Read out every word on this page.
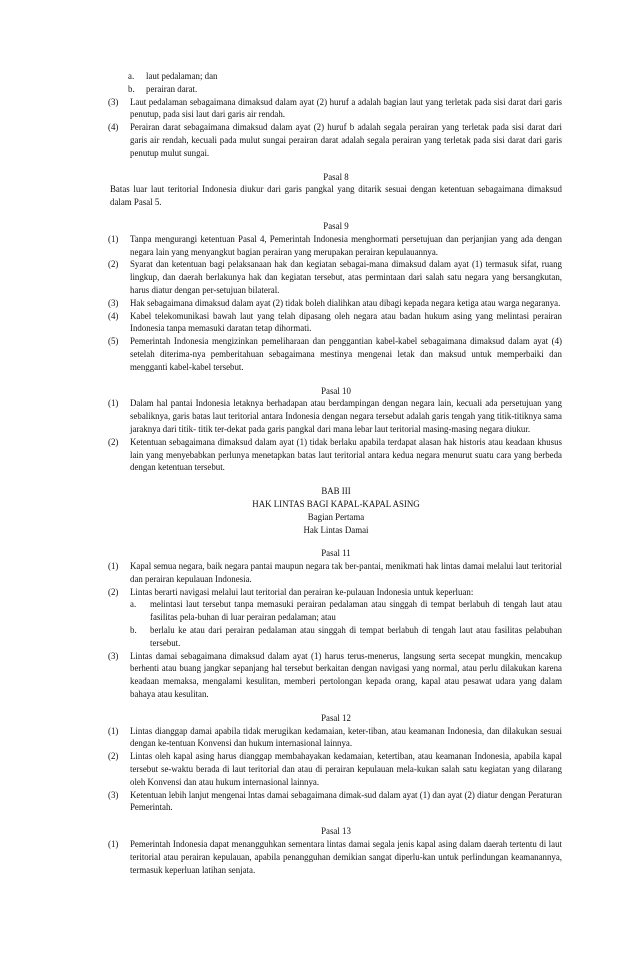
a. laut pedalaman; dan
b. perairan darat.
(3) Laut pedalaman sebagaimana dimaksud dalam ayat (2) huruf a adalah bagian laut yang terletak pada sisi darat dari garis penutup, pada sisi laut dari garis air rendah.
(4) Perairan darat sebagaimana dimaksud dalam ayat (2) huruf b adalah segala perairan yang terletak pada sisi darat dari garis air rendah, kecuali pada mulut sungai perairan darat adalah segala perairan yang terletak pada sisi darat dari garis penutup mulut sungai.
Pasal 8
Batas luar laut teritorial Indonesia diukur dari garis pangkal yang ditarik sesuai dengan ketentuan sebagaimana dimaksud dalam Pasal 5.
Pasal 9
(1) Tanpa mengurangi ketentuan Pasal 4, Pemerintah Indonesia menghormati persetujuan dan perjanjian yang ada dengan negara lain yang menyangkut bagian perairan yang merupakan perairan kepulauannya.
(2) Syarat dan ketentuan bagi pelaksanaan hak dan kegiatan sebagai-mana dimaksud dalam ayat (1) termasuk sifat, ruang lingkup, dan daerah berlakunya hak dan kegiatan tersebut, atas permintaan dari salah satu negara yang bersangkutan, harus diatur dengan per-setujuan bilateral.
(3) Hak sebagaimana dimaksud dalam ayat (2) tidak boleh dialihkan atau dibagi kepada negara ketiga atau warga negaranya.
(4) Kabel telekomunikasi bawah laut yang telah dipasang oleh negara atau badan hukum asing yang melintasi perairan Indonesia tanpa memasuki daratan tetap dihormati.
(5) Pemerintah Indonesia mengizinkan pemeliharaan dan penggantian kabel-kabel sebagaimana dimaksud dalam ayat (4) setelah diterima-nya pemberitahuan sebagaimana mestinya mengenai letak dan maksud untuk memperbaiki dan mengganti kabel-kabel tersebut.
Pasal 10
(1) Dalam hal pantai Indonesia letaknya berhadapan atau berdampingan dengan negara lain, kecuali ada persetujuan yang sebaliknya, garis batas laut teritorial antara Indonesia dengan negara tersebut adalah garis tengah yang titik-titiknya sama jaraknya dari titik- titik ter-dekat pada garis pangkal dari mana lebar laut teritorial masing-masing negara diukur.
(2) Ketentuan sebagaimana dimaksud dalam ayat (1) tidak berlaku apabila terdapat alasan hak historis atau keadaan khusus lain yang menyebabkan perlunya menetapkan batas laut teritorial antara kedua negara menurut suatu cara yang berbeda dengan ketentuan tersebut.
BAB III
HAK LINTAS BAGI KAPAL-KAPAL ASING
Bagian Pertama
Hak Lintas Damai
Pasal 11
(1) Kapal semua negara, baik negara pantai maupun negara tak ber-pantai, menikmati hak lintas damai melalui laut teritorial dan perairan kepulauan Indonesia.
(2) Lintas berarti navigasi melalui laut teritorial dan perairan ke-pulauan Indonesia untuk keperluan:
a. melintasi laut tersebut tanpa memasuki perairan pedalaman atau singgah di tempat berlabuh di tengah laut atau fasilitas pela-buhan di luar perairan pedalaman; atau
b. berlalu ke atau dari perairan pedalaman atau singgah di tempat berlabuh di tengah laut atau fasilitas pelabuhan tersebut.
(3) Lintas damai sebagaimana dimaksud dalam ayat (1) harus terus-menerus, langsung serta secepat mungkin, mencakup berhenti atau buang jangkar sepanjang hal tersebut berkaitan dengan navigasi yang normal, atau perlu dilakukan karena keadaan memaksa, mengalami kesulitan, memberi pertolongan kepada orang, kapal atau pesawat udara yang dalam bahaya atau kesulitan.
Pasal 12
(1) Lintas dianggap damai apabila tidak merugikan kedamaian, keter-tiban, atau keamanan Indonesia, dan dilakukan sesuai dengan ke-tentuan Konvensi dan hukum internasional lainnya.
(2) Lintas oleh kapal asing harus dianggap membahayakan kedamaian, ketertiban, atau keamanan Indonesia, apabila kapal tersebut se-waktu berada di laut teritorial dan atau di perairan kepulauan mela-kukan salah satu kegiatan yang dilarang oleh Konvensi dan atau hukum internasional lainnya.
(3) Ketentuan lebih lanjut mengenai lntas damai sebagaimana dimak-sud dalam ayat (1) dan ayat (2) diatur dengan Peraturan Pemerintah.
Pasal 13
(1) Pemerintah Indonesia dapat menangguhkan sementara lintas damai segala jenis kapal asing dalam daerah tertentu di laut teritorial atau perairan kepulauan, apabila penangguhan demikian sangat diperlu-kan untuk perlindungan keamanannya, termasuk keperluan latihan senjata.
